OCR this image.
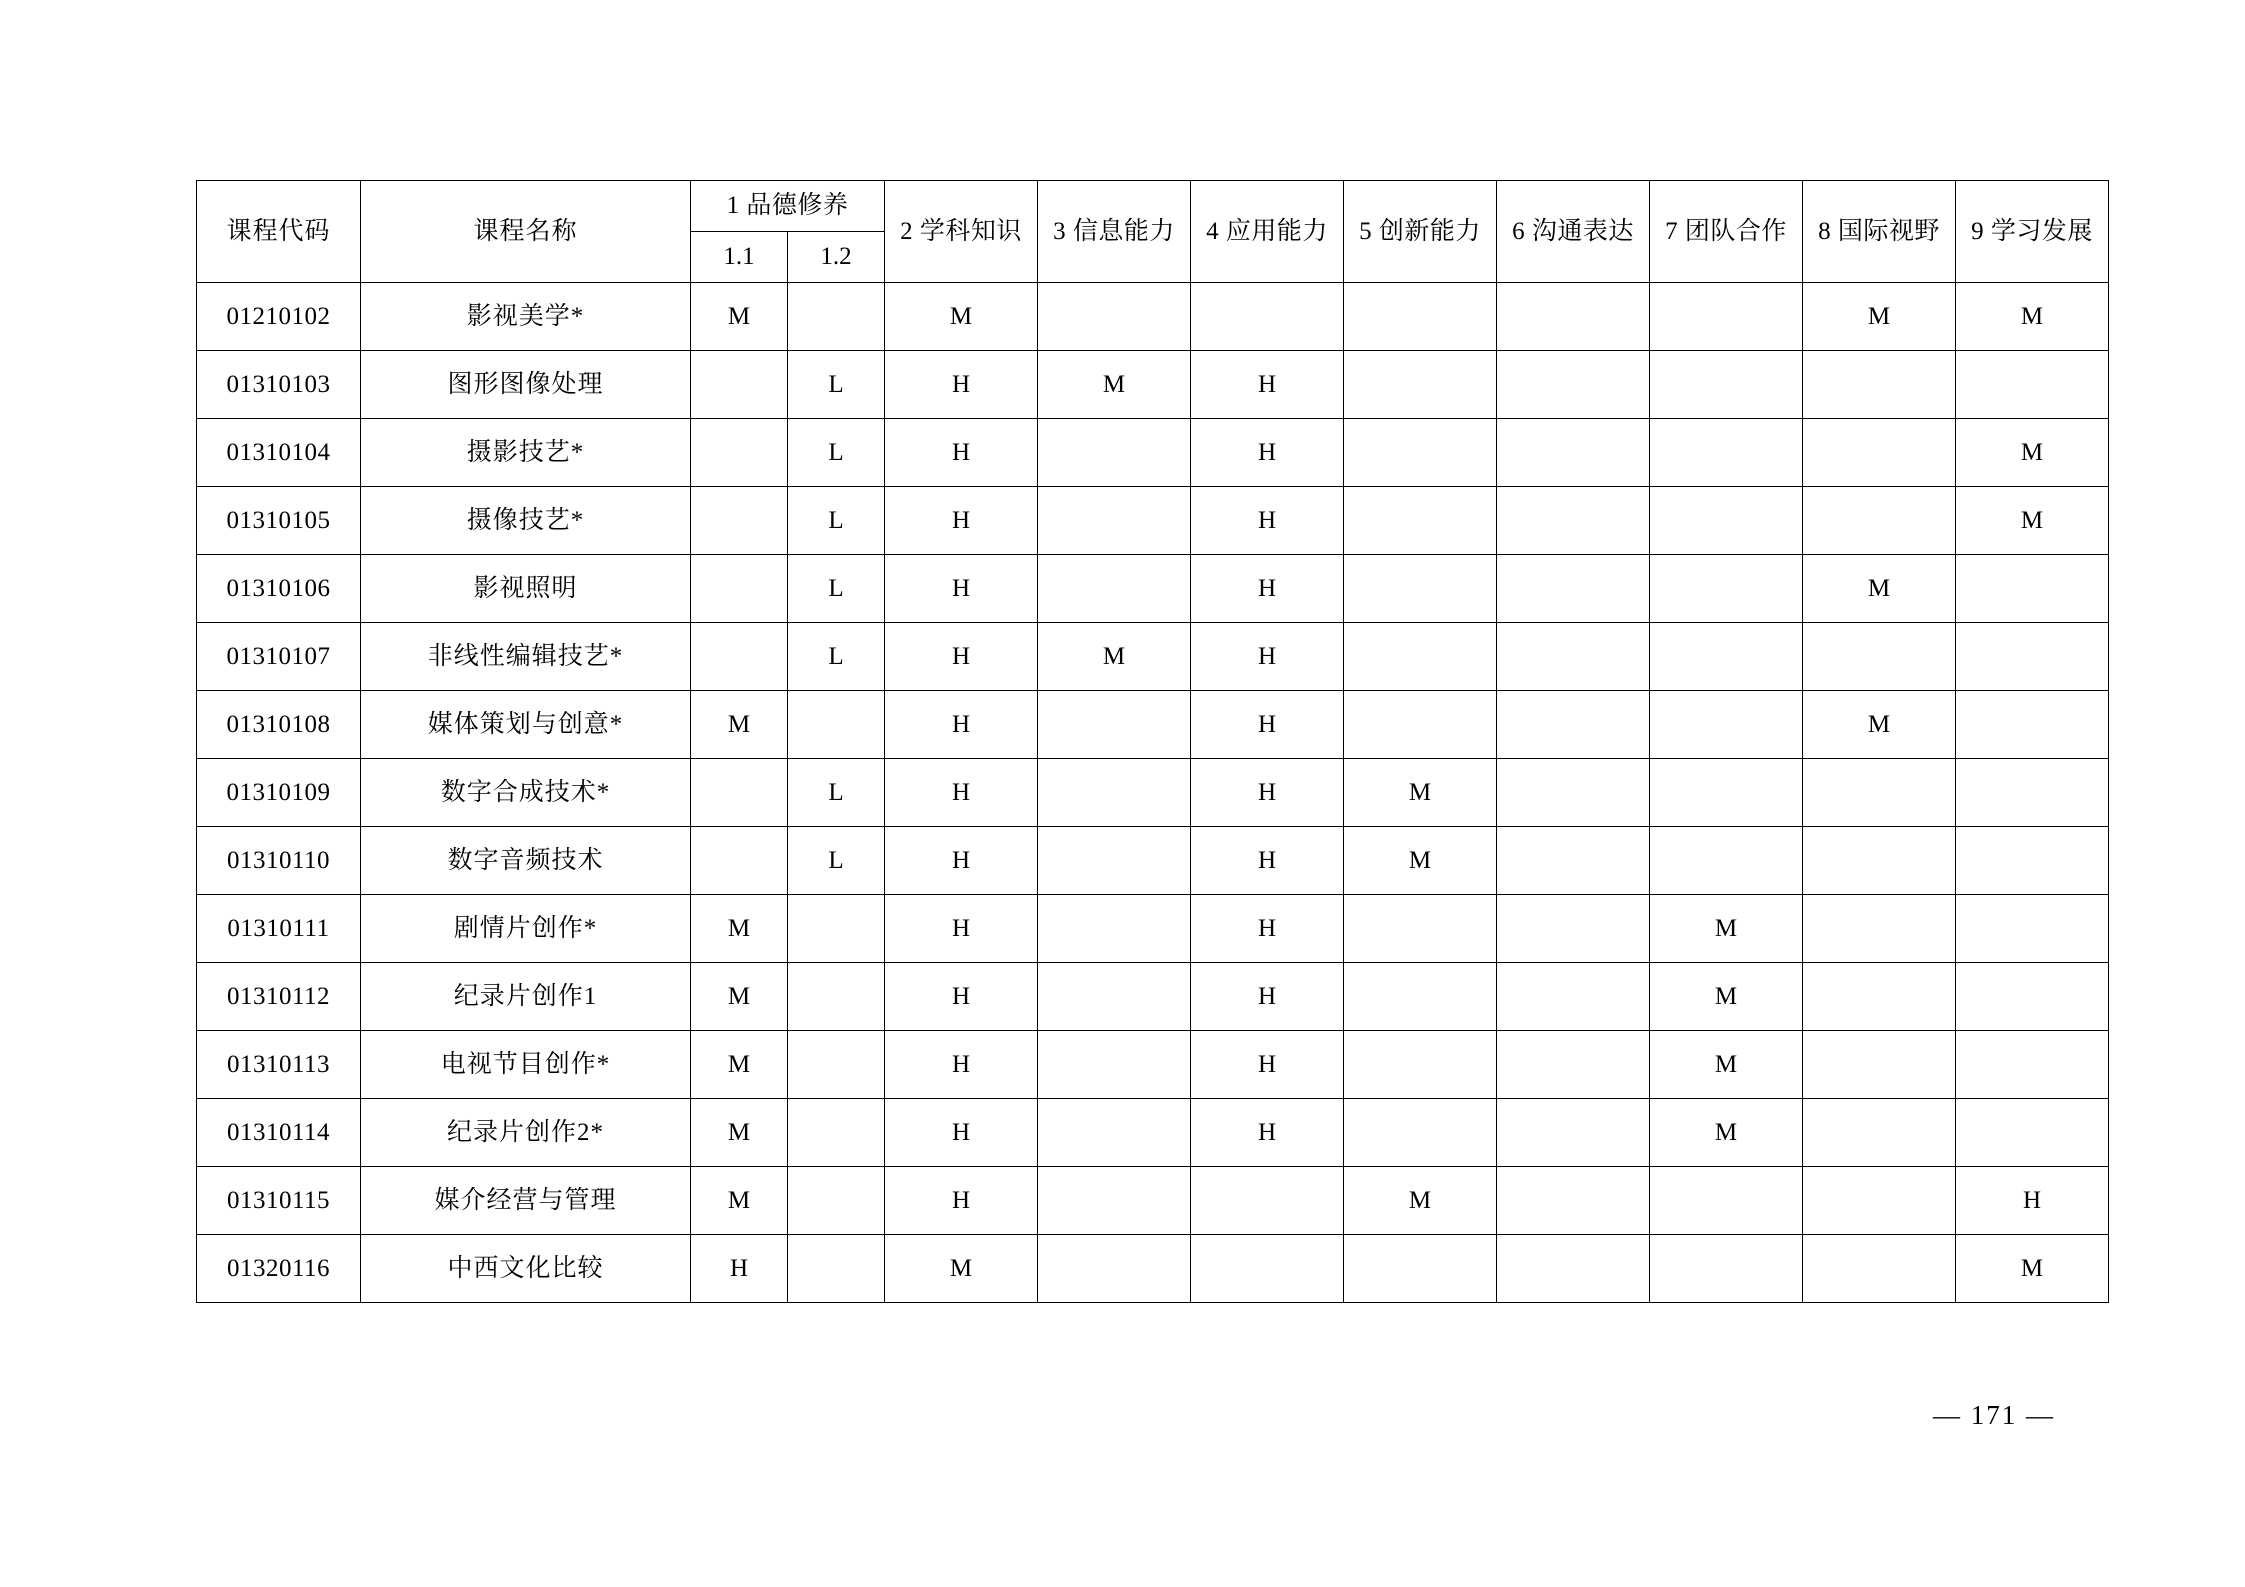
课程代码	课程名称	1 品德修养		2 学科知识	3 信息能力	4 应用能力	5 创新能力	6 沟通表达	7 团队合作	8 国际视野	9 学习发展
		1.1	1.2								
01210102	影视美学*	M		M						M	M
01310103	图形图像处理		L	H	M	H					
01310104	摄影技艺*		L	H		H					M
01310105	摄像技艺*		L	H		H					M
01310106	影视照明		L	H		H				M	
01310107	非线性编辑技艺*		L	H	M	H					
01310108	媒体策划与创意*	M		H		H				M	
01310109	数字合成技术*		L	H		H	M				
01310110	数字音频技术		L	H		H	M				
01310111	剧情片创作*	M		H		H			M		
01310112	纪录片创作1	M		H		H			M		
01310113	电视节目创作*	M		H		H			M		
01310114	纪录片创作2*	M		H		H			M		
01310115	媒介经营与管理	M		H			M				H
01320116	中西文化比较	H		M							M
— 171 —
